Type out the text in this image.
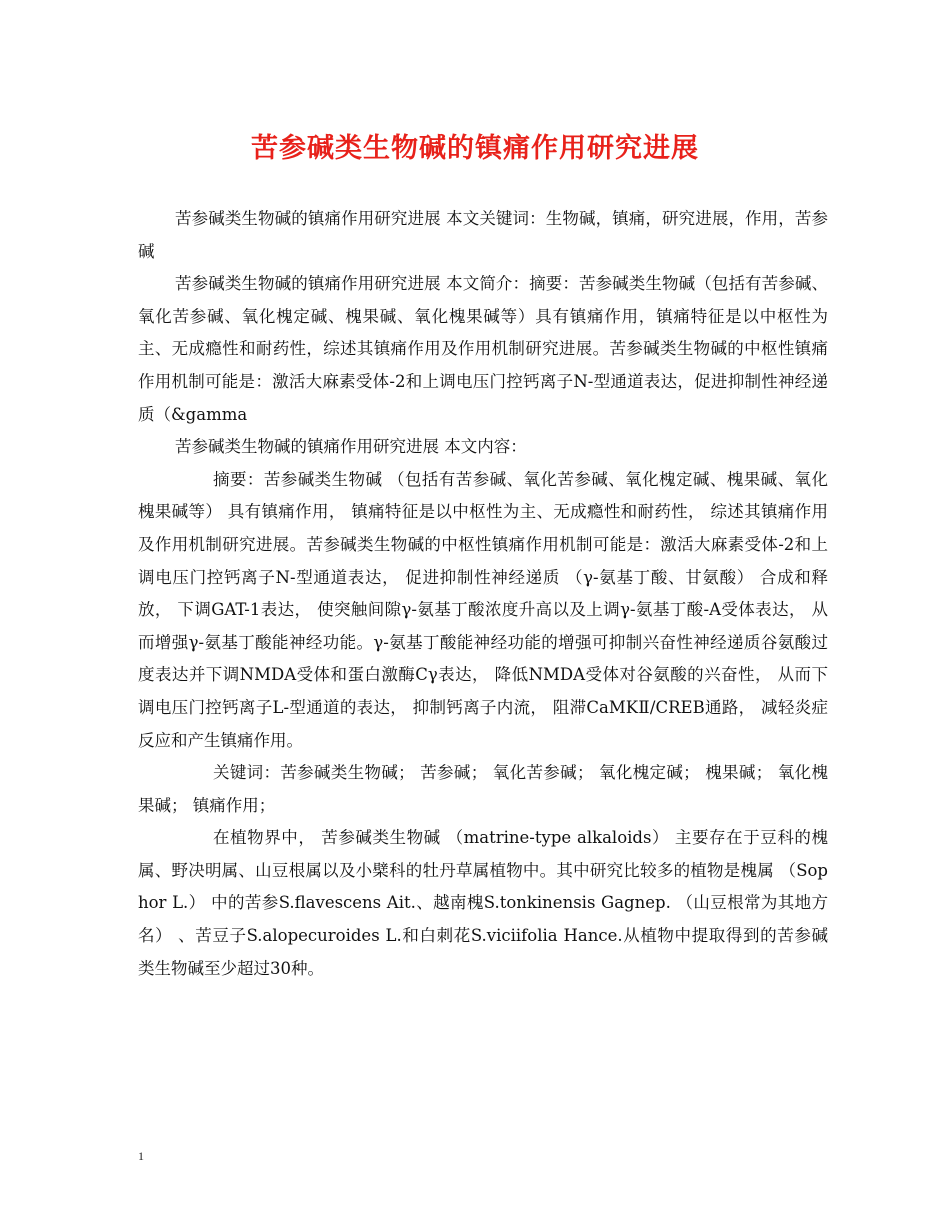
苦参碱类生物碱的镇痛作用研究进展

苦参碱类生物碱的镇痛作用研究进展 本文关键词：生物碱，镇痛，研究进展，作用，苦参碱

苦参碱类生物碱的镇痛作用研究进展 本文简介：摘要：苦参碱类生物碱（包括有苦参碱、氧化苦参碱、氧化槐定碱、槐果碱、氧化槐果碱等）具有镇痛作用，镇痛特征是以中枢性为主、无成瘾性和耐药性，综述其镇痛作用及作用机制研究进展。苦参碱类生物碱的中枢性镇痛作用机制可能是：激活大麻素受体-2和上调电压门控钙离子N-型通道表达，促进抑制性神经递质（&gamma

苦参碱类生物碱的镇痛作用研究进展 本文内容：

摘要：苦参碱类生物碱 （包括有苦参碱、氧化苦参碱、氧化槐定碱、槐果碱、氧化槐果碱等） 具有镇痛作用， 镇痛特征是以中枢性为主、无成瘾性和耐药性， 综述其镇痛作用及作用机制研究进展。苦参碱类生物碱的中枢性镇痛作用机制可能是：激活大麻素受体-2和上调电压门控钙离子N-型通道表达， 促进抑制性神经递质 （γ-氨基丁酸、甘氨酸） 合成和释放， 下调GAT-1表达， 使突触间隙γ-氨基丁酸浓度升高以及上调γ-氨基丁酸-A受体表达， 从而增强γ-氨基丁酸能神经功能。γ-氨基丁酸能神经功能的增强可抑制兴奋性神经递质谷氨酸过度表达并下调NMDA受体和蛋白激酶Cγ表达， 降低NMDA受体对谷氨酸的兴奋性， 从而下调电压门控钙离子L-型通道的表达， 抑制钙离子内流， 阻滞CaMKⅡ/CREB通路， 减轻炎症反应和产生镇痛作用。

关键词：苦参碱类生物碱； 苦参碱； 氧化苦参碱； 氧化槐定碱； 槐果碱； 氧化槐果碱； 镇痛作用；

在植物界中， 苦参碱类生物碱 （matrine-type alkaloids） 主要存在于豆科的槐属、野决明属、山豆根属以及小檗科的牡丹草属植物中。其中研究比较多的植物是槐属 （Sophor L.） 中的苦参S.flavescens Ait.、越南槐S.tonkinensis Gagnep. （山豆根常为其地方名） 、苦豆子S.alopecuroides L.和白刺花S.viciifolia Hance.从植物中提取得到的苦参碱类生物碱至少超过30种。

1
